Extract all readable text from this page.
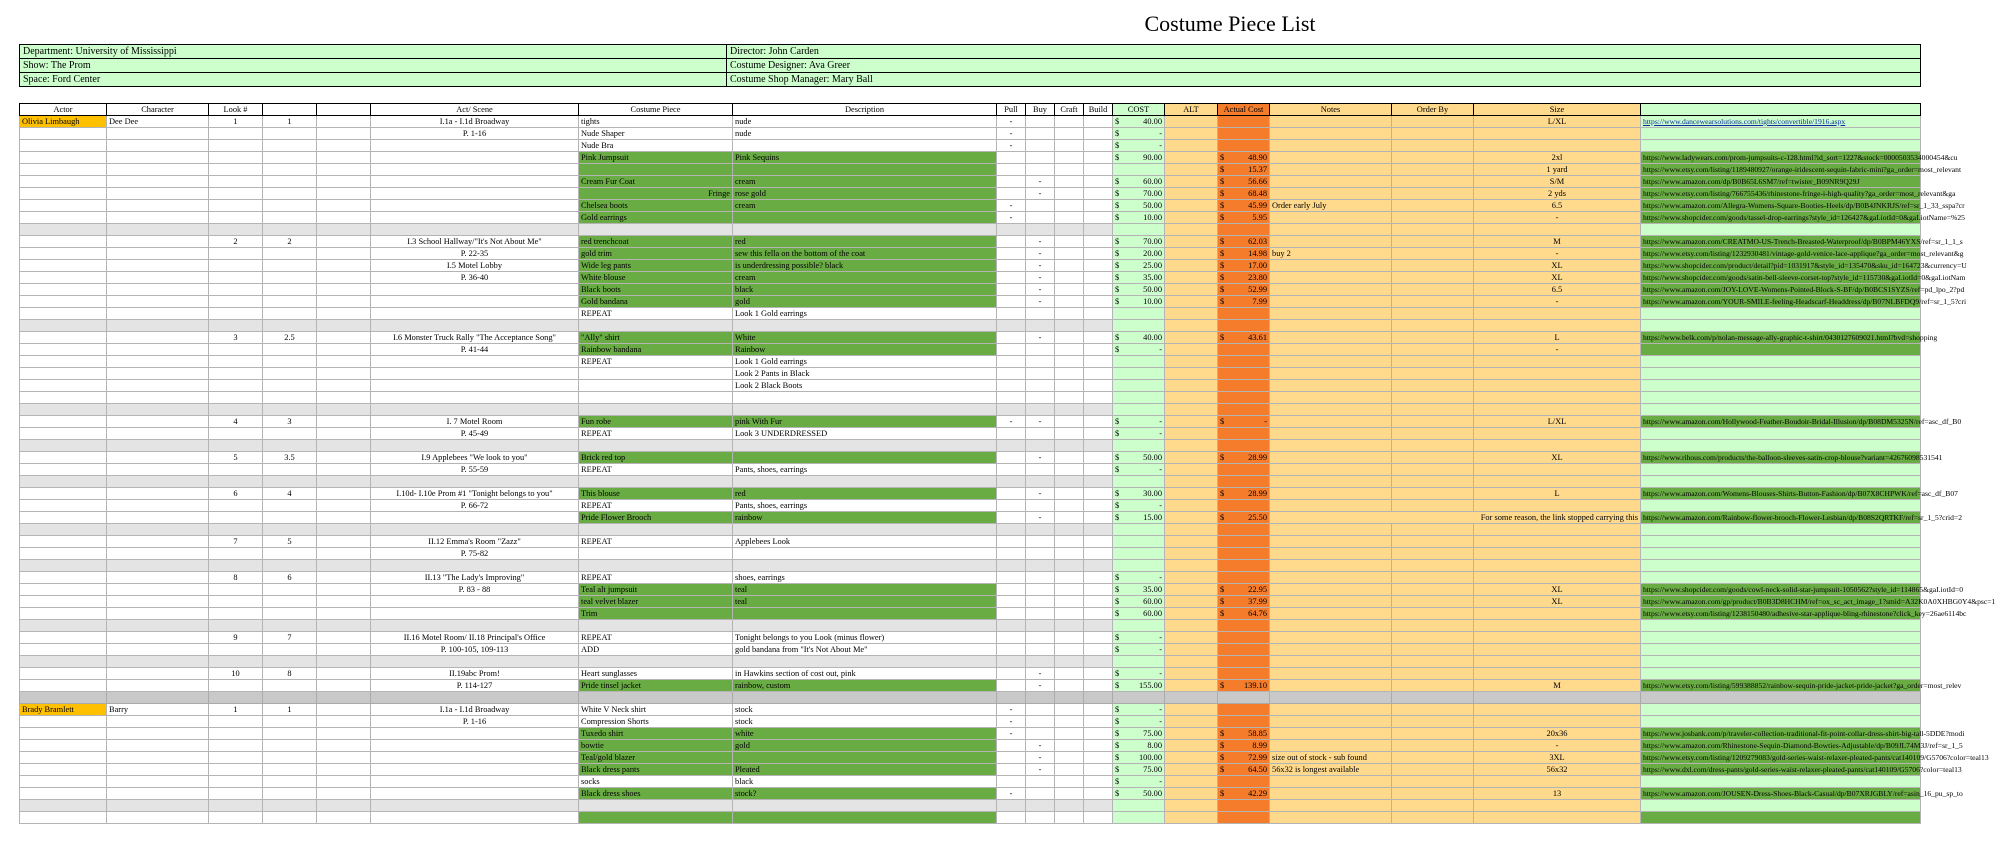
Costume Piece List
Department: University of Mississippi	Director: John Carden
Show: The Prom	Costume Designer: Ava Greer
Space: Ford Center	Costume Shop Manager: Mary Ball
Actor	Character	Look #			Act/ Scene	Costume Piece	Description	Pull	Buy	Craft	Build	COST	ALT	Actual Cost	Notes	Order By	Size	
Olivia Limbaugh	Dee Dee	1	1		I.1a - I.1d Broadway	tights	nude	-				$ 40.00					L/XL	https://www.dancewearsolutions.com/tights/convertible/1916.aspx
					P. 1-16	Nude Shaper	nude	-				$ -						

						Nude Bra		-				$ -						

						Pink Jumpsuit	Pink Sequins					$ 90.00		$ 48.90			2xl	https://www.ladywears.com/prom-jumpsuits-c-128.html?id_sort=1227&stock=0000503534000454&cu

														$ 15.37			1 yard	https://www.etsy.com/listing/1189480927/orange-iridescent-sequin-fabric-mini?ga_order=most_relevant
						Cream Fur Coat	cream		-			$ 60.00		$ 56.66			S/M	https://www.amazon.com/dp/B0B65L6SM7/ref=twister_B09NR9Q29J
						Fringe	rose gold		-			$ 70.00		$ 68.48			2 yds	https://www.etsy.com/listing/766755436/rhinestone-fringe-i-high-quality?ga_order=most_relevant&ga
						Chelsea boots	cream	-				$ 50.00		$ 45.99	Order early July		6.5	https://www.amazon.com/Allegra-Womens-Square-Booties-Heels/dp/B0B4JNKRJS/ref=sr_1_33_sspa?cr
						Gold earrings		-				$ 10.00		$ 5.95			-	https://www.shopcider.com/goods/tassel-drop-earrings?style_id=126427&gaI.iotId=0&gaI.iotName=%25

		2	2		I.3 School Hallway/"It's Not About Me"	red trenchcoat	red		-			$ 70.00		$ 62.03			M	https://www.amazon.com/CREATMO-US-Trench-Breasted-Waterproof/dp/B0BPM46YXS/ref=sr_1_1_s
					P. 22-35	gold trim	sew this fella on the bottom of the coat		-			$ 20.00		$ 14.98	buy 2		-	https://www.etsy.com/listing/1232930481/vintage-gold-venice-lace-applique?ga_order=most_relevant&g
					I.5 Motel Lobby	Wide leg pants	is underdressing possible? black		-			$ 25.00		$ 17.00			XL	https://www.shopcider.com/product/detail?pid=1031917&style_id=135470&sku_id=164723&currency=U
					P. 36-40	White blouse	cream		-			$ 35.00		$ 23.80			XL	https://www.shopcider.com/goods/satin-bell-sleeve-corset-top?style_id=115730&gaI.iotId=0&gaI.iotNam
						Black boots	black		-			$ 50.00		$ 52.99			6.5	https://www.amazon.com/JOY-LOVE-Womens-Pointed-Block-S-BF/dp/B0BCS1SYZS/ref=pd_lpo_2?pd
						Gold bandana	gold		-			$ 10.00		$ 7.99			-	https://www.amazon.com/YOUR-SMILE-feeling-Headscarf-Headdress/dp/B07NLBFDQ9/ref=sr_1_5?cri
						REPEAT	Look 1 Gold earrings											

		3	2.5		I.6 Monster Truck Rally "The Acceptance Song"	"Ally" shirt	White		-			$ 40.00		$ 43.61			L	https://www.belk.com/p/nolan-message-ally-graphic-t-shirt/0430127609021.html?bvd=shopping
					P. 41-44	Rainbow bandana	Rainbow					$ -					-	
						REPEAT	Look 1 Gold earrings											
							Look 2 Pants in Black											
							Look 2 Black Boots											

		4	3		I. 7 Motel Room	Fun robe	pink With Fur	-	-			$ -		$ -			L/XL	https://www.amazon.com/Hollywood-Feather-Boudoir-Bridal-Illusion/dp/B08DM5325N/ref=asc_df_B0
					P. 45-49	REPEAT	Look 3 UNDERDRESSED					$ -						

		5	3.5		I.9 Applebees "We look to you"	Brick red top			-			$ 50.00		$ 28.99			XL	https://www.rihous.com/products/the-balloon-sleeves-satin-crop-blouse?variant=42676098531541
					P. 55-59	REPEAT	Pants, shoes, earrings					$ -						

		6	4		I.10d- I.10e Prom #1 "Tonight belongs to you"	This blouse	red		-			$ 30.00		$ 28.99			L	https://www.amazon.com/Womens-Blouses-Shirts-Button-Fashion/dp/B07X8CHPWK/ref=asc_df_B07
					P. 66-72	REPEAT	Pants, shoes, earrings					$ -						

						Pride Flower Brooch	rainbow		-			$ 15.00		$ 25.50	For some reason, the link stopped carrying this			https://www.amazon.com/Rainbow-flower-brooch-Flower-Lesbian/dp/B08S2QRTKF/ref=sr_1_5?crid=2

		7	5		II.12 Emma's Room "Zazz"	REPEAT	Applebees Look											
					P. 75-82													

		8	6		II.13 "The Lady's Improving"	REPEAT	shoes, earrings					$ -						

					P. 83 - 88	Teal alt jumpsuit	teal					$ 35.00		$ 22.95			XL	https://www.shopcider.com/goods/cowl-neck-solid-star-jumpsuit-1050562?style_id=114865&gaI.iotId=0
						teal velvet blazer	teal					$ 60.00		$ 37.99			XL	https://www.amazon.com/gp/product/B0B3D8HCHM/ref=ox_sc_act_image_1?smid=A32K0A0XHBG0Y4&psc=1
						Trim						$ 60.00		$ 64.76				https://www.etsy.com/listing/1238150480/adhesive-star-applique-bling-rhinestone?click_key=26ae6114bc

		9	7		II.16 Motel Room/ II.18 Principal's Office	REPEAT	Tonight belongs to you Look (minus flower)					$ -						

					P. 100-105, 109-113	ADD	gold bandana from "It's Not About Me"					$ -						

		10	8		II.19abc Prom!	Heart sunglasses	in Hawkins section of cost out, pink		-			$ -						

					P. 114-127	Pride tinsel jacket	rainbow, custom		-			$ 155.00		$ 139.10			M	https://www.etsy.com/listing/599388852/rainbow-sequin-pride-jacket-pride-jacket?ga_order=most_relev

Brady Bramlett	Barry	1	1		I.1a - I.1d Broadway	White V Neck shirt	stock	-				$ -						

					P. 1-16	Compression Shorts	stock	-				$ -						

						Tuxedo shirt	white	-				$ 75.00		$ 58.85			20x36	https://www.josbank.com/p/traveler-collection-traditional-fit-point-collar-dress-shirt-big-tall-5DDE?modi
						bowtie	gold		-			$ 8.00		$ 8.99			-	https://www.amazon.com/Rhinestone-Sequin-Diamond-Bowties-Adjustable/dp/B09JL74M3J/ref=sr_1_5
						Teal/gold blazer			-			$ 100.00		$ 72.99	size out of stock - sub found		3XL	https://www.etsy.com/listing/1209279083/gold-series-waist-relaxer-pleated-pants/cat140109/G5706?color=teal13
						Black dress pants	Pleated		-			$ 75.00		$ 64.50	56x32 is longest available		56x32	https://www.dxl.com/dress-pants/gold-series-waist-relaxer-pleated-pants/cat140109/G5706?color=teal13
						socks	black					$ -						

						Black dress shoes	stock?	-				$ 50.00		$ 42.29			13	https://www.amazon.com/JOUSEN-Dress-Shoes-Black-Casual/dp/B07XRJGBLY/ref=asin_16_pu_sp_to
